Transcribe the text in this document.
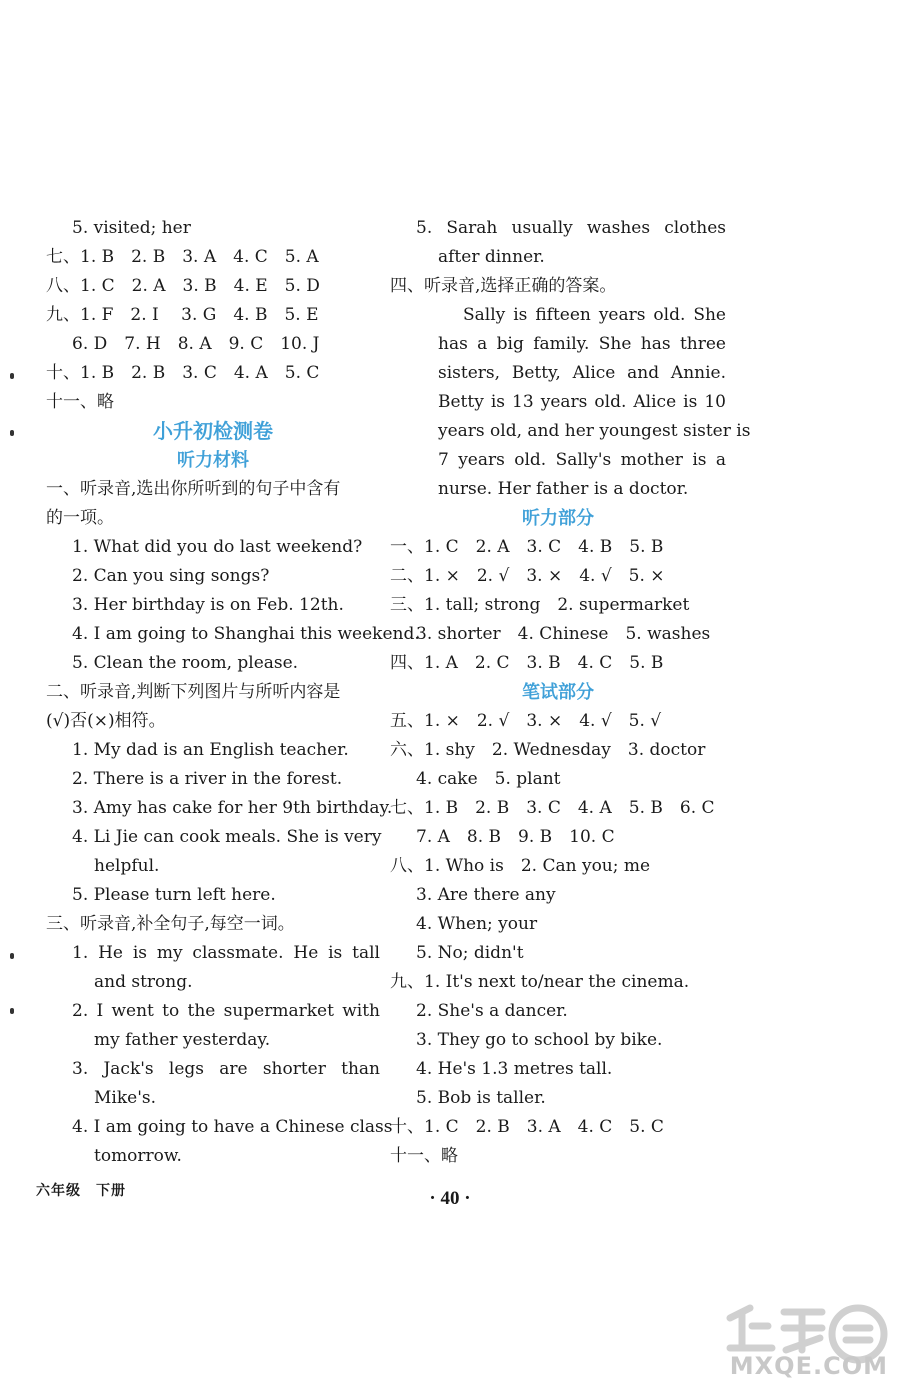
5. visited; her
七、1. B　2. B　3. A　4. C　5. A
八、1. C　2. A　3. B　4. E　5. D
九、1. F　2. I　 3. G　4. B　5. E
6. D　7. H　8. A　9. C　10. J
十、1. B　2. B　3. C　4. A　5. C
十一、略
小升初检测卷
听力材料
一、听录音,选出你所听到的句子中含有
的一项。
1. What did you do last weekend?
2. Can you sing songs?
3. Her birthday is on Feb. 12th.
4. I am going to Shanghai this weekend.
5. Clean the room, please.
二、听录音,判断下列图片与所听内容是
(√)否(×)相符。
1. My dad is an English teacher.
2. There is a river in the forest.
3. Amy has cake for her 9th birthday.
4. Li Jie can cook meals. She is very
helpful.
5. Please turn left here.
三、听录音,补全句子,每空一词。
1. He is my classmate. He is tall
and strong.
2. I went to the supermarket with
my father yesterday.
3. Jack's legs are shorter than
Mike's.
4. I am going to have a Chinese class
tomorrow.
5. Sarah usually washes clothes
after dinner.
四、听录音,选择正确的答案。
Sally is fifteen years old. She
has a big family. She has three
sisters, Betty, Alice and Annie.
Betty is 13 years old. Alice is 10
years old, and her youngest sister is
7 years old. Sally's mother is a
nurse. Her father is a doctor.
听力部分
一、1. C　2. A　3. C　4. B　5. B
二、1. ×　2. √　3. ×　4. √　5. ×
三、1. tall; strong　2. supermarket
3. shorter　4. Chinese　5. washes
四、1. A　2. C　3. B　4. C　5. B
笔试部分
五、1. ×　2. √　3. ×　4. √　5. √
六、1. shy　2. Wednesday　3. doctor
4. cake　5. plant
七、1. B　2. B　3. C　4. A　5. B　6. C
7. A　8. B　9. B　10. C
八、1. Who is　2. Can you; me
3. Are there any
4. When; your
5. No; didn't
九、1. It's next to/near the cinema.
2. She's a dancer.
3. They go to school by bike.
4. He's 1.3 metres tall.
5. Bob is taller.
十、1. C　2. B　3. A　4. C　5. C
十一、略
六年级　下册	· 40 ·
MXQE.COM
